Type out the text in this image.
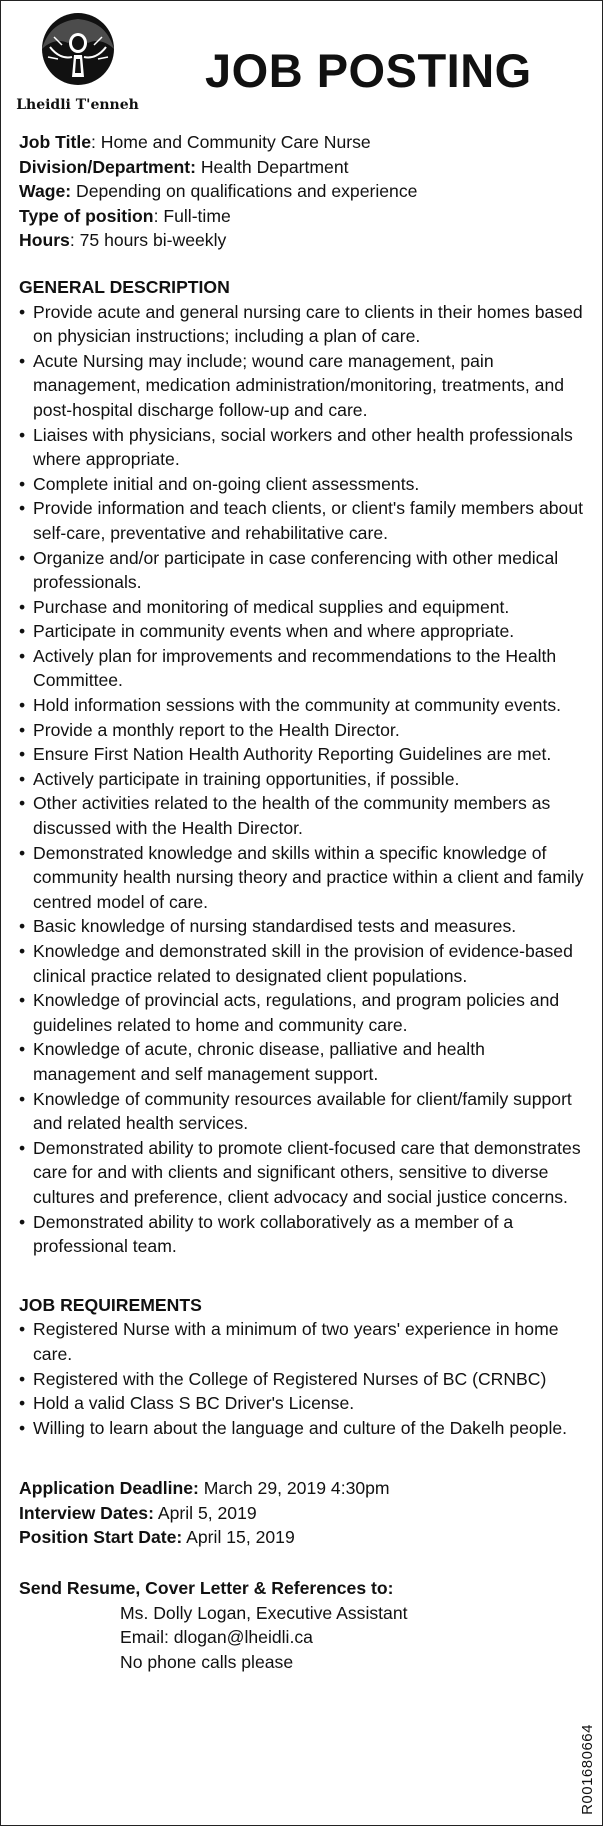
Lheidli T'enneh
JOB POSTING

Job Title: Home and Community Care Nurse

Division/Department: Health Department

Wage: Depending on qualifications and experience

Type of position: Full-time

Hours: 75 hours bi-weekly

GENERAL DESCRIPTION
• Provide acute and general nursing care to clients in their homes based on physician instructions; including a plan of care.
• Acute Nursing may include; wound care management, pain management, medication administration/monitoring, treatments, and post-hospital discharge follow-up and care.
• Liaises with physicians, social workers and other health professionals where appropriate.
• Complete initial and on-going client assessments.
• Provide information and teach clients, or client's family members about self-care, preventative and rehabilitative care.
• Organize and/or participate in case conferencing with other medical professionals.
• Purchase and monitoring of medical supplies and equipment.
• Participate in community events when and where appropriate.
• Actively plan for improvements and recommendations to the Health Committee.
• Hold information sessions with the community at community events.
• Provide a monthly report to the Health Director.
• Ensure First Nation Health Authority Reporting Guidelines are met.
• Actively participate in training opportunities, if possible.
• Other activities related to the health of the community members as discussed with the Health Director.
• Demonstrated knowledge and skills within a specific knowledge of community health nursing theory and practice within a client and family centred model of care.
• Basic knowledge of nursing standardised tests and measures.
• Knowledge and demonstrated skill in the provision of evidence-based clinical practice related to designated client populations.
• Knowledge of provincial acts, regulations, and program policies and guidelines related to home and community care.
• Knowledge of acute, chronic disease, palliative and health management and self management support.
• Knowledge of community resources available for client/family support and related health services.
• Demonstrated ability to promote client-focused care that demonstrates care for and with clients and significant others, sensitive to diverse cultures and preference, client advocacy and social justice concerns.
• Demonstrated ability to work collaboratively as a member of a professional team.
JOB REQUIREMENTS
• Registered Nurse with a minimum of two years' experience in home care.
• Registered with the College of Registered Nurses of BC (CRNBC)
• Hold a valid Class S BC Driver's License.
• Willing to learn about the language and culture of the Dakelh people.

Application Deadline: March 29, 2019 4:30pm

Interview Dates: April 5, 2019

Position Start Date: April 15, 2019

Send Resume, Cover Letter & References to:

Ms. Dolly Logan, Executive Assistant

Email: dlogan@lheidli.ca

No phone calls please

R001680664
